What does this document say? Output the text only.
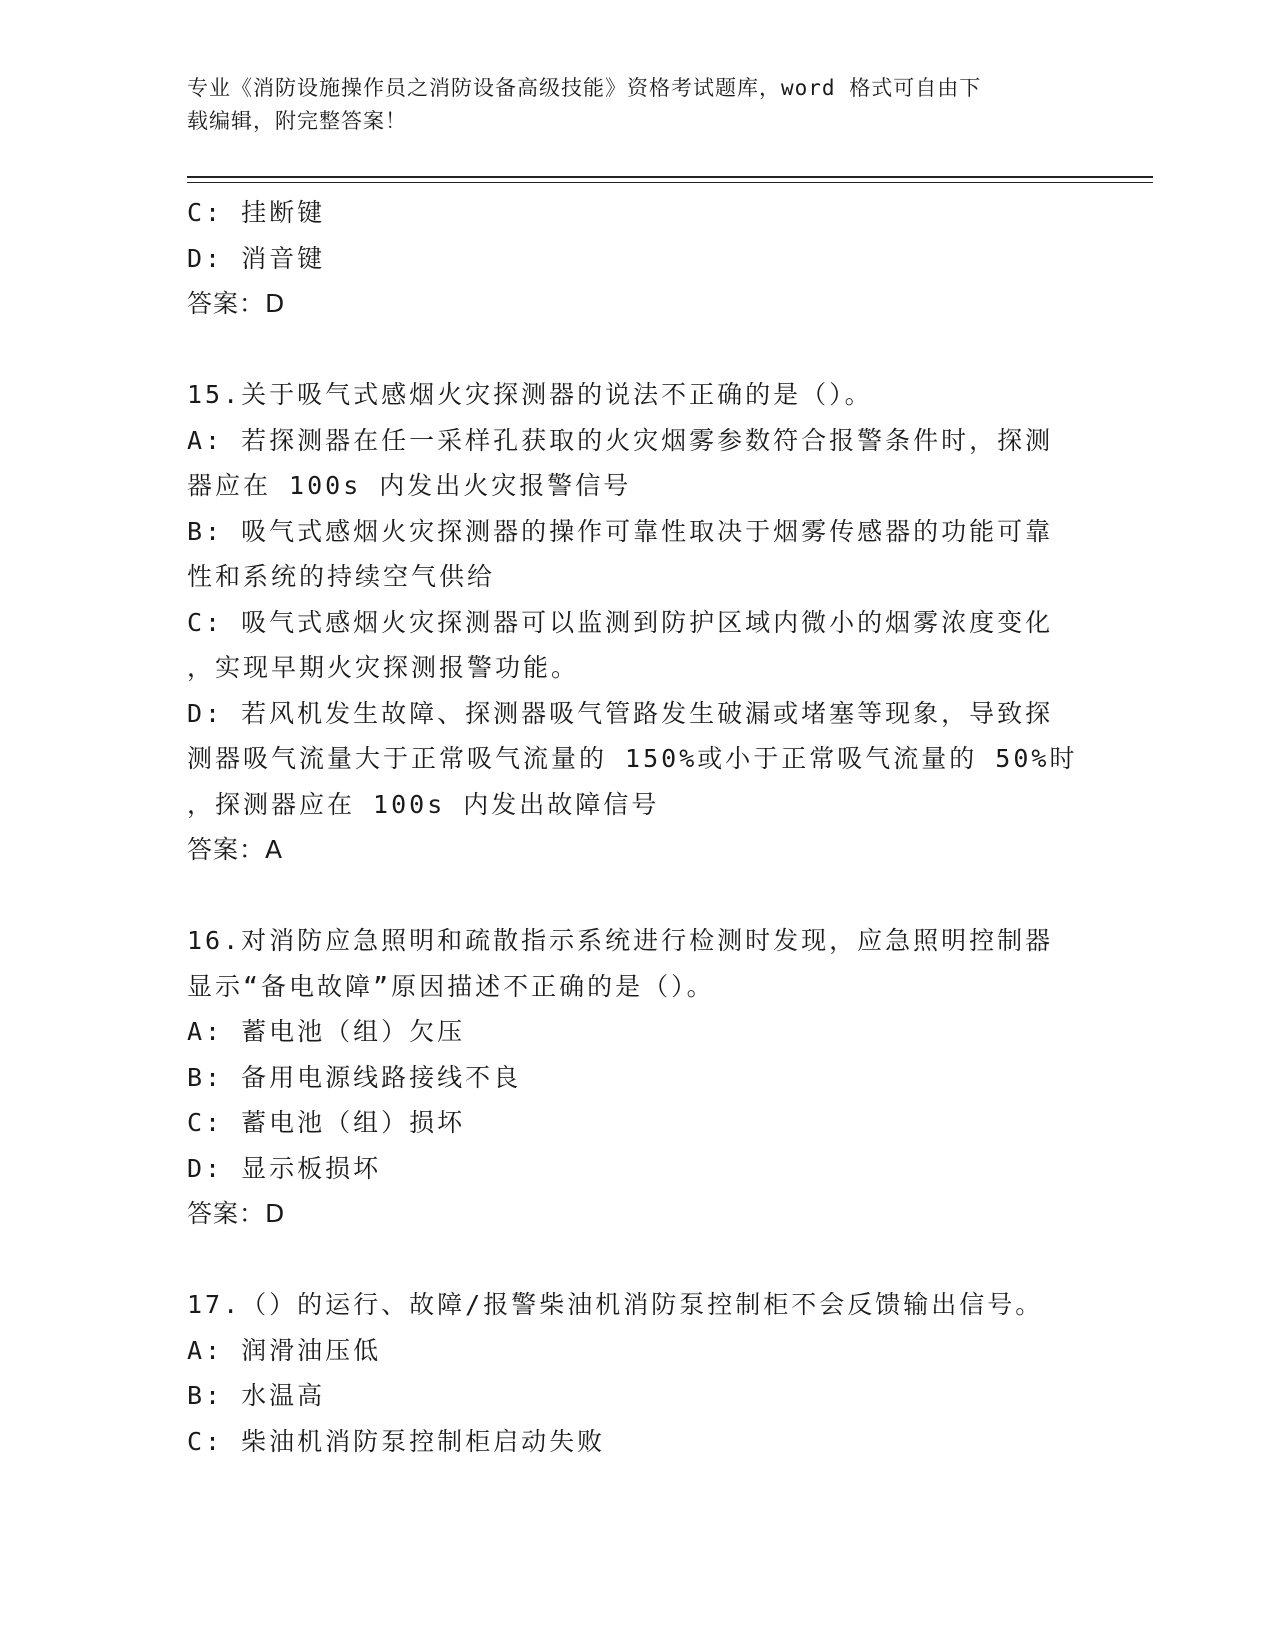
专业《消防设施操作员之消防设备高级技能》资格考试题库，word 格式可自由下
载编辑，附完整答案！
C: 挂断键
D: 消音键
答案：D
15.关于吸气式感烟火灾探测器的说法不正确的是（）。
A: 若探测器在任一采样孔获取的火灾烟雾参数符合报警条件时，探测
器应在 100s 内发出火灾报警信号
B: 吸气式感烟火灾探测器的操作可靠性取决于烟雾传感器的功能可靠
性和系统的持续空气供给
C: 吸气式感烟火灾探测器可以监测到防护区域内微小的烟雾浓度变化
，实现早期火灾探测报警功能。
D: 若风机发生故障、探测器吸气管路发生破漏或堵塞等现象，导致探
测器吸气流量大于正常吸气流量的 150%或小于正常吸气流量的 50%时
，探测器应在 100s 内发出故障信号
答案：A
16.对消防应急照明和疏散指示系统进行检测时发现，应急照明控制器
显示“备电故障”原因描述不正确的是（）。
A: 蓄电池（组）欠压
B: 备用电源线路接线不良
C: 蓄电池（组）损坏
D: 显示板损坏
答案：D
17.（）的运行、故障/报警柴油机消防泵控制柜不会反馈输出信号。
A: 润滑油压低
B: 水温高
C: 柴油机消防泵控制柜启动失败
